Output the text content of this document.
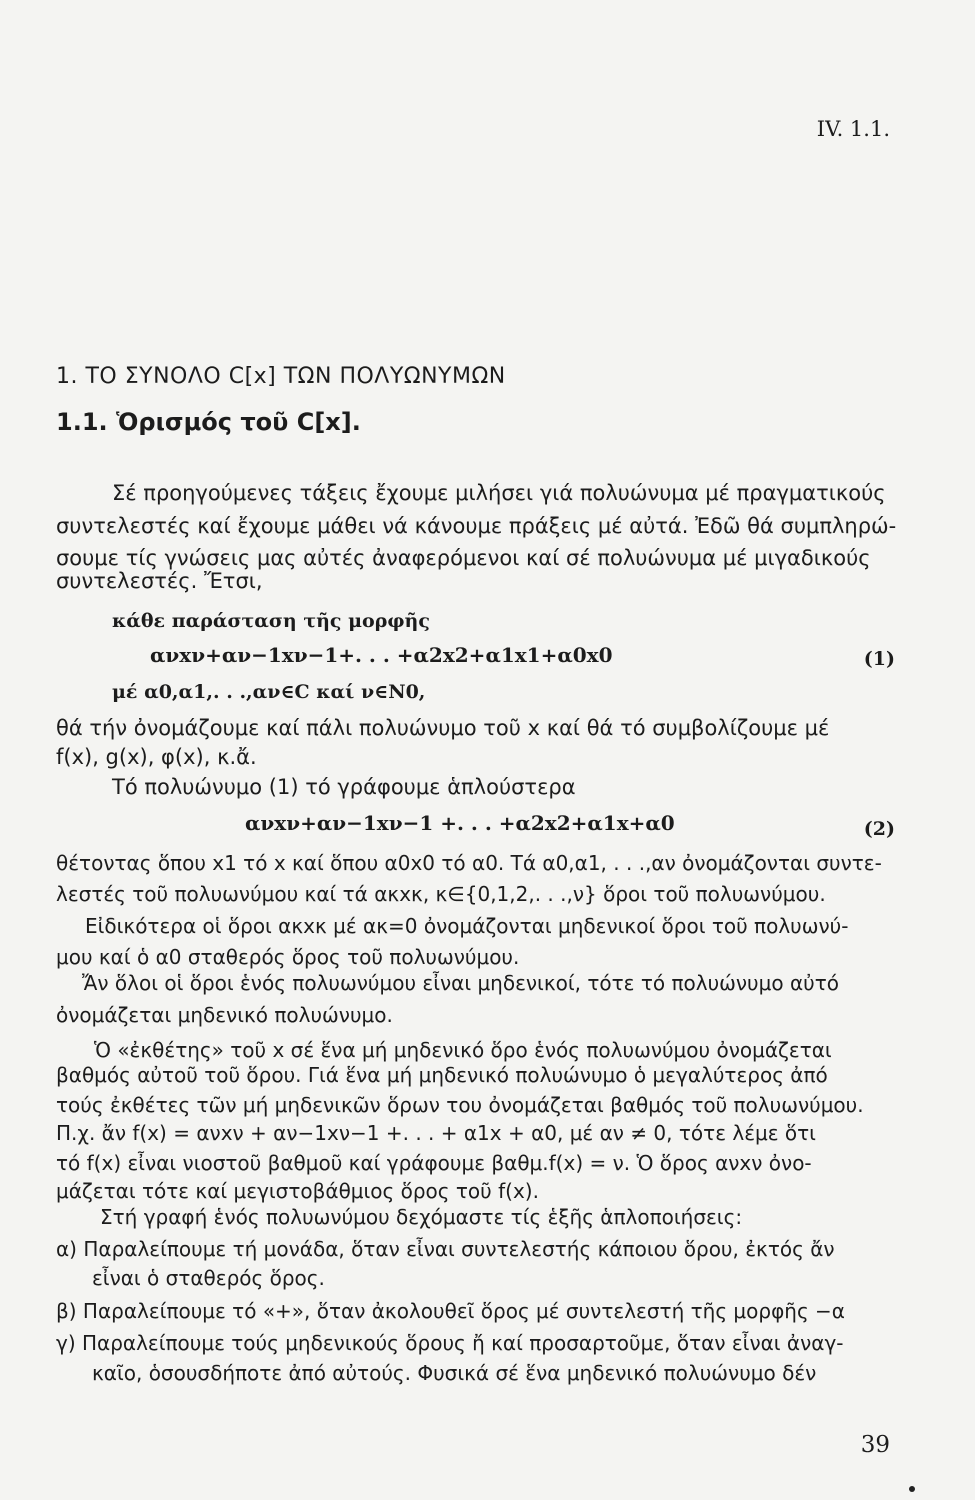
IV. 1.1.
1. ΤΟ ΣΥΝΟΛΟ C[x] ΤΩΝ ΠΟΛΥΩΝΥΜΩΝ
1.1. Ὁρισμός τοῦ C[x].
Σέ προηγούμενες τάξεις ἔχουμε μιλήσει γιά πολυώνυμα μέ πραγματικούς
συντελεστές καί ἔχουμε μάθει νά κάνουμε πράξεις μέ αὐτά. Ἐδῶ θά συμπληρώ-
σουμε τίς γνώσεις μας αὐτές ἀναφερόμενοι καί σέ πολυώνυμα μέ μιγαδικούς
συντελεστές. Ἔτσι,
κάθε παράσταση τῆς μορφῆς
ανxν+αν−1xν−1+. . . +α2x2+α1x1+α0x0	(1)
μέ α0,α1,. . .,αν∈C καί ν∈N0,
θά τήν ὀνομάζουμε καί πάλι πολυώνυμο τοῦ x καί θά τό συμβολίζουμε μέ
f(x), g(x), φ(x), κ.ἄ.
Τό πολυώνυμο (1) τό γράφουμε ἁπλούστερα
ανxν+αν−1xν−1 +. . . +α2x2+α1x+α0	(2)
θέτοντας ὅπου x1 τό x καί ὅπου α0x0 τό α0. Τά α0,α1, . . .,αν ὀνομάζονται συντε-
λεστές τοῦ πολυωνύμου καί τά ακxκ, κ∈{0,1,2,. . .,ν} ὅροι τοῦ πολυωνύμου.
Εἰδικότερα οἱ ὅροι ακxκ μέ ακ=0 ὀνομάζονται μηδενικοί ὅροι τοῦ πολυωνύ-
μου καί ὁ α0 σταθερός ὅρος τοῦ πολυωνύμου.
Ἄν ὅλοι οἱ ὅροι ἑνός πολυωνύμου εἶναι μηδενικοί, τότε τό πολυώνυμο αὐτό
ὀνομάζεται μηδενικό πολυώνυμο.
Ὁ «ἐκθέτης» τοῦ x σέ ἕνα μή μηδενικό ὅρο ἑνός πολυωνύμου ὀνομάζεται
βαθμός αὐτοῦ τοῦ ὅρου. Γιά ἕνα μή μηδενικό πολυώνυμο ὁ μεγαλύτερος ἀπό
τούς ἐκθέτες τῶν μή μηδενικῶν ὅρων του ὀνομάζεται βαθμός τοῦ πολυωνύμου.
Π.χ. ἄν f(x) = ανxν + αν−1xν−1 +. . . + α1x + α0, μέ αν ≠ 0, τότε λέμε ὅτι
τό f(x) εἶναι νιοστοῦ βαθμοῦ καί γράφουμε βαθμ.f(x) = ν. Ὁ ὅρος ανxν ὀνο-
μάζεται τότε καί μεγιστοβάθμιος ὅρος τοῦ f(x).
Στή γραφή ἑνός πολυωνύμου δεχόμαστε τίς ἑξῆς ἁπλοποιήσεις:
α) Παραλείπουμε τή μονάδα, ὅταν εἶναι συντελεστής κάποιου ὅρου, ἐκτός ἄν
εἶναι ὁ σταθερός ὅρος.
β) Παραλείπουμε τό «+», ὅταν ἀκολουθεῖ ὅρος μέ συντελεστή τῆς μορφῆς −α
γ) Παραλείπουμε τούς μηδενικούς ὅρους ἤ καί προσαρτοῦμε, ὅταν εἶναι ἀναγ-
καῖο, ὁσουσδήποτε ἀπό αὐτούς. Φυσικά σέ ἕνα μηδενικό πολυώνυμο δέν
39
